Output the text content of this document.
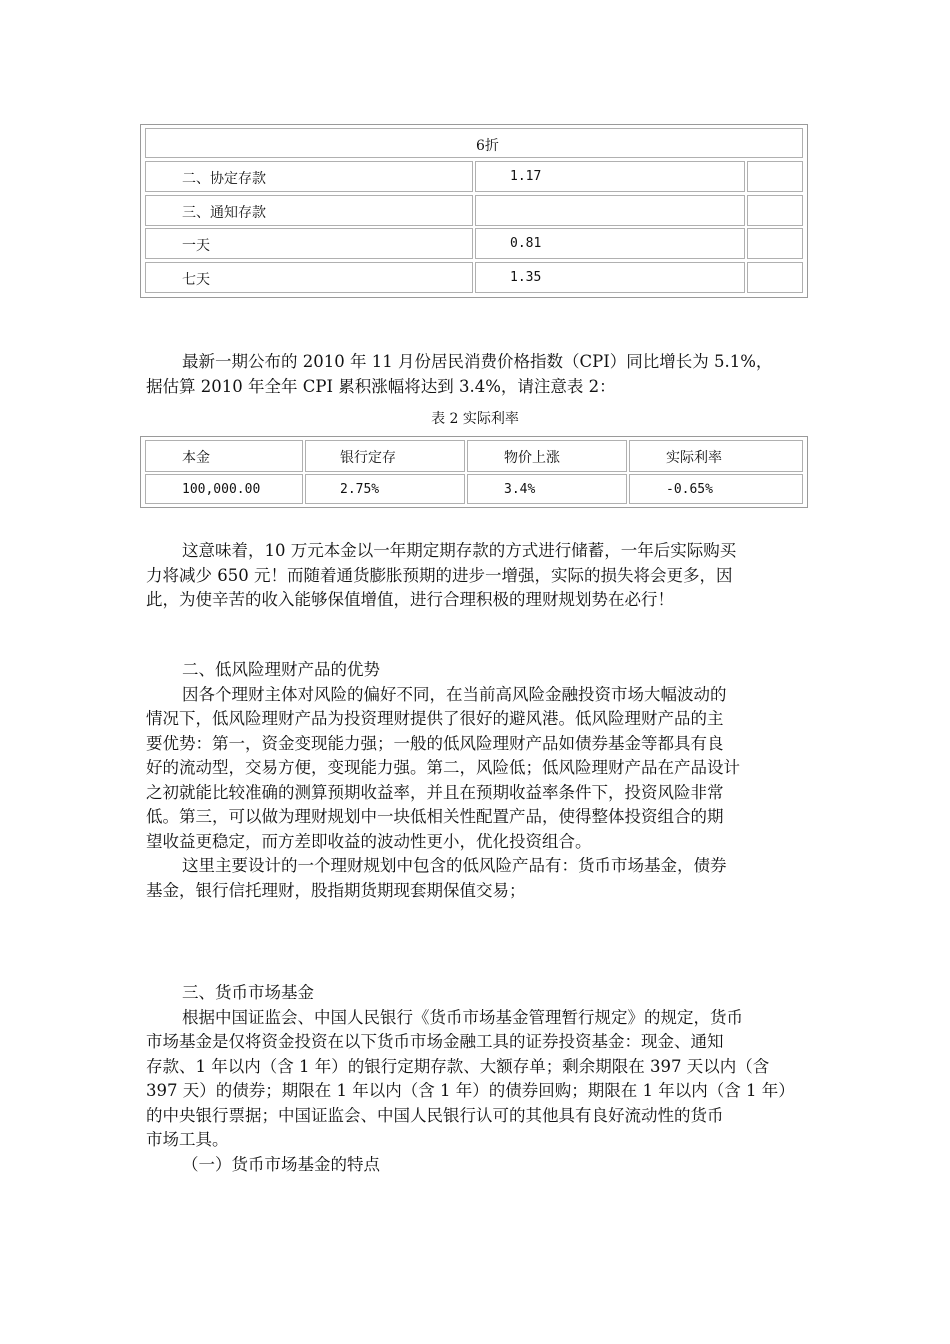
6折
二、协定存款	1.17
三、通知存款
一天	0.81
七天	1.35
最新一期公布的 2010 年 11 月份居民消费价格指数（CPI）同比增长为 5.1%，
据估算 2010 年全年 CPI 累积涨幅将达到 3.4%，请注意表 2：
表 2 实际利率
本金	银行定存	物价上涨	实际利率
100,000.00	2.75%	3.4%	-0.65%
这意味着，10 万元本金以一年期定期存款的方式进行储蓄，一年后实际购买
力将减少 650 元！而随着通货膨胀预期的进步一增强，实际的损失将会更多，因
此，为使辛苦的收入能够保值增值，进行合理积极的理财规划势在必行！
二、低风险理财产品的优势
因各个理财主体对风险的偏好不同，在当前高风险金融投资市场大幅波动的
情况下，低风险理财产品为投资理财提供了很好的避风港。低风险理财产品的主
要优势：第一，资金变现能力强；一般的低风险理财产品如债券基金等都具有良
好的流动型，交易方便，变现能力强。第二，风险低；低风险理财产品在产品设计
之初就能比较准确的测算预期收益率，并且在预期收益率条件下，投资风险非常
低。第三，可以做为理财规划中一块低相关性配置产品，使得整体投资组合的期
望收益更稳定，而方差即收益的波动性更小，优化投资组合。
这里主要设计的一个理财规划中包含的低风险产品有：货币市场基金，债券
基金，银行信托理财，股指期货期现套期保值交易；
三、货币市场基金
根据中国证监会、中国人民银行《货币市场基金管理暂行规定》的规定，货币
市场基金是仅将资金投资在以下货币市场金融工具的证券投资基金：现金、通知
存款、1 年以内（含 1 年）的银行定期存款、大额存单；剩余期限在 397 天以内（含
397 天）的债券；期限在 1 年以内（含 1 年）的债券回购；期限在 1 年以内（含 1 年）
的中央银行票据；中国证监会、中国人民银行认可的其他具有良好流动性的货币
市场工具。
（一）货币市场基金的特点
